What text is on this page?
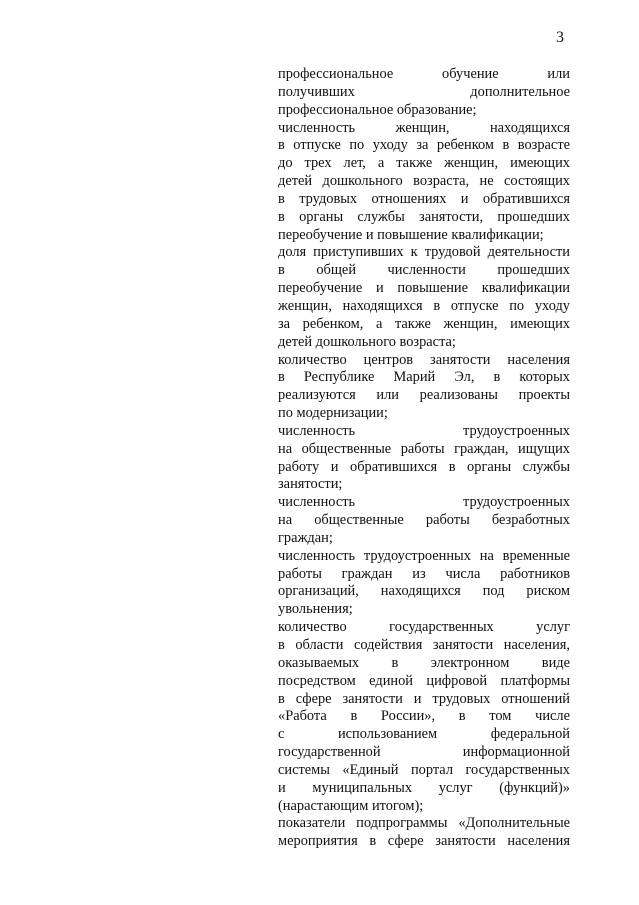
3
профессиональное обучение или
получивших дополнительное
профессиональное образование;
численность женщин, находящихся
в отпуске по уходу за ребенком в возрасте
до трех лет, а также женщин, имеющих
детей дошкольного возраста, не состоящих
в трудовых отношениях и обратившихся
в органы службы занятости, прошедших
переобучение и повышение квалификации;
доля приступивших к трудовой деятельности
в общей численности прошедших
переобучение и повышение квалификации
женщин, находящихся в отпуске по уходу
за ребенком, а также женщин, имеющих
детей дошкольного возраста;
количество центров занятости населения
в Республике Марий Эл, в которых
реализуются или реализованы проекты
по модернизации;
численность трудоустроенных
на общественные работы граждан, ищущих
работу и обратившихся в органы службы
занятости;
численность трудоустроенных
на общественные работы безработных
граждан;
численность трудоустроенных на временные
работы граждан из числа работников
организаций, находящихся под риском
увольнения;
количество государственных услуг
в области содействия занятости населения,
оказываемых в электронном виде
посредством единой цифровой платформы
в сфере занятости и трудовых отношений
«Работа в России», в том числе
с использованием федеральной
государственной информационной
системы «Единый портал государственных
и муниципальных услуг (функций)»
(нарастающим итогом);
показатели подпрограммы «Дополнительные
мероприятия в сфере занятости населения
